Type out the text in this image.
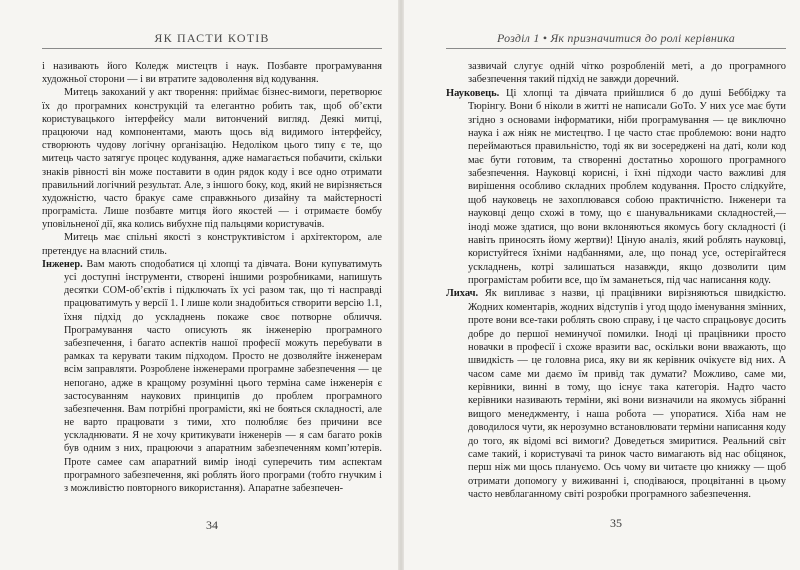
ЯК ПАСТИ КОТІВ

і називають його Коледж мистецтв і наук. Позбавте програмування художньої сторони — і ви втратите задоволення від кодування.

Митець закоханий у акт творення: приймає бізнес-вимоги, перетворює їх до програмних конструкцій та елегантно робить так, щоб об’єкти користувацького інтерфейсу мали витончений вигляд. Деякі митці, працюючи над компонентами, мають щось від видимого інтерфейсу, створюють чудову логічну організацію. Недоліком цього типу є те, що митець часто затягує процес кодування, адже намагається побачити, скільки знаків рівності він може поставити в один рядок коду і все одно отримати правильний логічний результат. Але, з іншого боку, код, який не вирізняється художністю, часто бракує саме справжнього дизайну та майстерності програміста. Лише позбавте митця його якостей — і отримаєте бомбу уповільненої дії, яка колись вибухне під пальцями користувачів.

Митець має спільні якості з конструктивістом і архітектором, але претендує на власний стиль.

Інженер. Вам мають сподобатися ці хлопці та дівчата. Вони купуватимуть усі доступні інструменти, створені іншими розробниками, напишуть десятки COM-об’єктів і підключать їх усі разом так, що ті насправді працюватимуть у версії 1. І лише коли знадобиться створити версію 1.1, їхня підхід до ускладнень покаже своє потворне обличчя. Програмування часто описують як інженерію програмного забезпечення, і багато аспектів нашої професії можуть перебувати в рамках та керувати таким підходом. Просто не дозволяйте інженерам всім заправляти. Розроблене інженерами програмне забезпечення — це непогано, адже в кращому розумінні цього терміна саме інженерія є застосуванням наукових принципів до проблем програмного забезпечення. Вам потрібні програмісти, які не бояться складності, але не варто працювати з тими, хто полюбляє без причини все ускладнювати. Я не хочу критикувати інженерів — я сам багато років був одним з них, працюючи з апаратним забезпеченням комп’ютерів. Проте самее сам апаратний вимір іноді суперечить тим аспектам програмного забезпечення, які роблять його програми (тобто гнучким і з можливістю повторного використання). Апаратне забезпечен-

34
Розділ 1 • Як призначитися до ролі керівника

зазвичай слугує одній чітко розробленій меті, а до програмного забезпечення такий підхід не завжди доречний.

Науковець. Ці хлопці та дівчата прийшлися б до душі Беббіджу та Тюрінгу. Вони б ніколи в житті не написали GoTo. У них усе має бути згідно з основами інформатики, ніби програмування — це виключно наука і аж ніяк не мистецтво. І це часто стає проблемою: вони надто переймаються правильністю, тоді як ви зосереджені на даті, коли код має бути готовим, та створенні достатньо хорошого програмного забезпечення. Науковці корисні, і їхні підходи часто важливі для вирішення особливо складних проблем кодування. Просто слідкуйте, щоб науковець не захоплювався собою практичністю. Інженери та науковці дещо схожі в тому, що є шанувальниками складностей,— іноді може здатися, що вони вклоняються якомусь богу складності (і навіть приносять йому жертви)! Ціную аналіз, який роблять науковці, користуйтеся їхніми надбаннями, але, що понад усе, остерігайтеся ускладнень, котрі залишаться назавжди, якщо дозволити цим програмістам робити все, що їм заманеться, під час написання коду.

Лихач. Як випливає з назви, ці працівники вирізняються швидкістю. Жодних коментарів, жодних відступів і угод щодо іменування змінних, проте вони все-таки роблять свою справу, і це часто спрацьовує досить добре до першої неминучої помилки. Іноді ці працівники просто новачки в професії і схоже вразити вас, оскільки вони вважають, що швидкість — це головна риса, яку ви як керівник очікуєте від них. А часом саме ми даємо їм привід так думати? Можливо, саме ми, керівники, винні в тому, що існує така категорія. Надто часто керівники називають терміни, які вони визначили на якомусь зібранні вищого менеджменту, і наша робота — упоратися. Хіба нам не доводилося чути, як нерозумно встановлювати терміни написання коду до того, як відомі всі вимоги? Доведеться змиритися. Реальний світ саме такий, і користувачі та ринок часто вимагають від нас обіцянок, перш ніж ми щось плануємо. Ось чому ви читаєте цю книжку — щоб отримати допомогу у виживанні і, сподіваюся, процвітанні в цьому часто невблаганному світі розробки програмного забезпечення.

35
